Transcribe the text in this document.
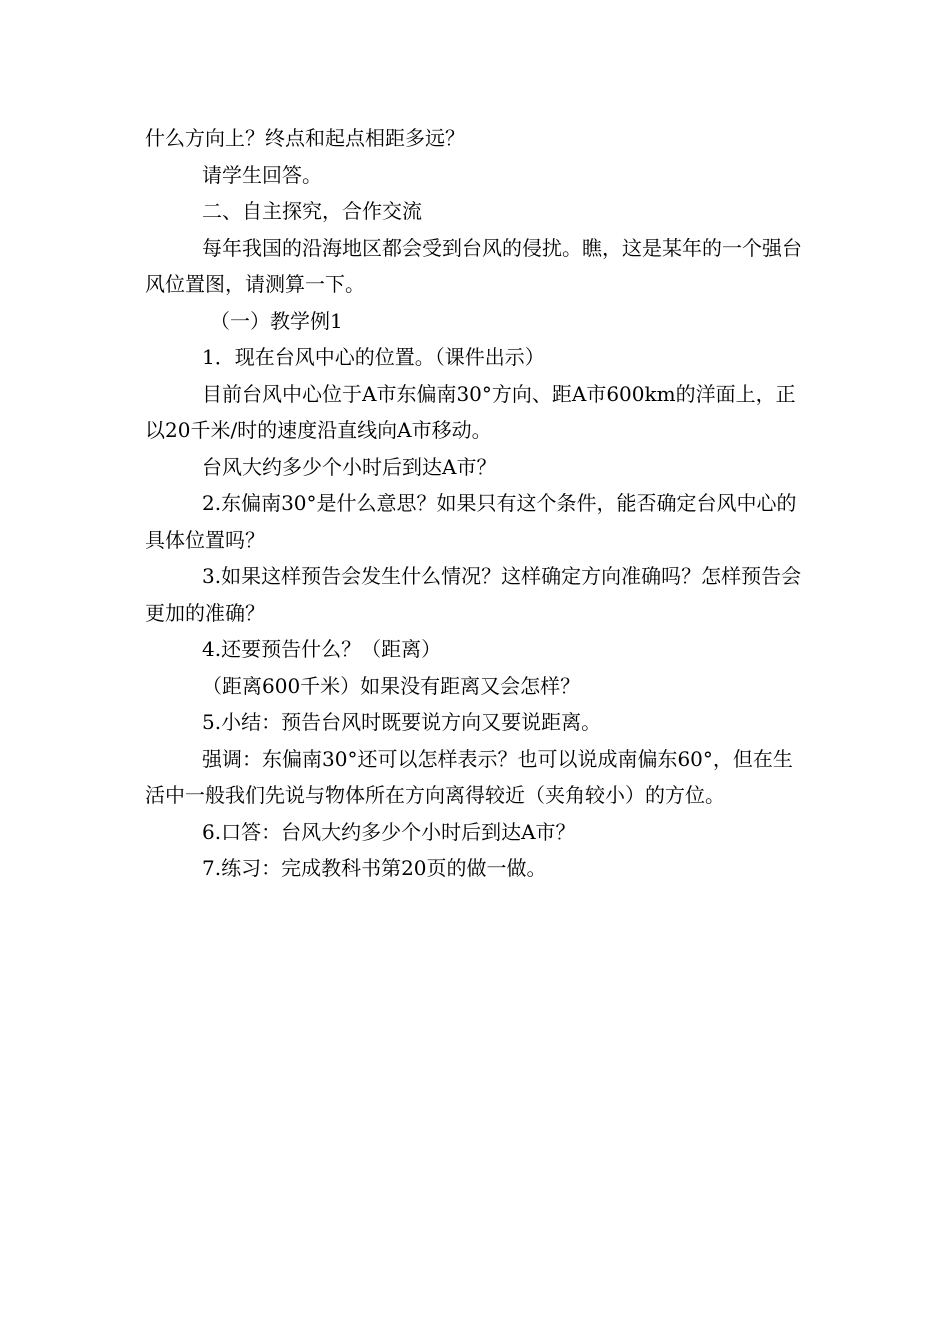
什么方向上？终点和起点相距多远？

请学生回答。

二、自主探究，合作交流

每年我国的沿海地区都会受到台风的侵扰。瞧，这是某年的一个强台风位置图，请测算一下。

（一）教学例1

1．现在台风中心的位置。（课件出示）

目前台风中心位于A市东偏南30°方向、距A市600km的洋面上，正以20千米/时的速度沿直线向A市移动。

台风大约多少个小时后到达A市？

2.东偏南30°是什么意思？如果只有这个条件，能否确定台风中心的具体位置吗？

3.如果这样预告会发生什么情况？这样确定方向准确吗？怎样预告会更加的准确？

4.还要预告什么？（距离）

（距离600千米）如果没有距离又会怎样？

5.小结：预告台风时既要说方向又要说距离。

强调：东偏南30°还可以怎样表示？也可以说成南偏东60°，但在生活中一般我们先说与物体所在方向离得较近（夹角较小）的方位。

6.口答：台风大约多少个小时后到达A市？

7.练习：完成教科书第20页的做一做。
